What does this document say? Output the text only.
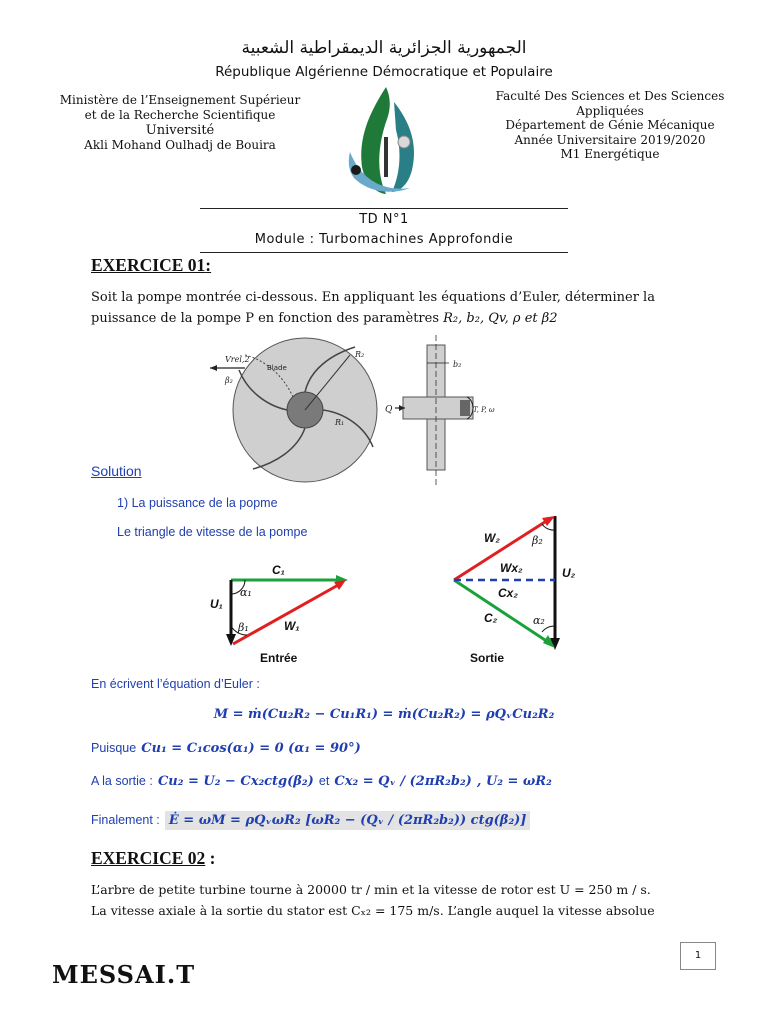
الجمهورية الجزائرية الديمقراطية الشعبية
République Algérienne Démocratique et Populaire
Ministère de l’Enseignement Supérieur
et de la Recherche Scientifique
Université
Akli Mohand Oulhadj de Bouira
Faculté Des Sciences et Des Sciences
Appliquées
Département de Génie Mécanique
Année Universitaire 2019/2020
M1 Energétique
TD N°1
Module : Turbomachines Approfondie
EXERCICE 01:
Soit la pompe montrée ci-dessous. En appliquant les équations d’Euler, déterminer la
puissance de la pompe P en fonction des paramètres R₂, b₂, Qv, ρ et β2
Vrel,2
Blade
β₂
R₂
R₁
Q	T, P, ω
b₂
Solution
1) La puissance de la popme
Le triangle de vitesse de la pompe
C₁
U₁
α₁
β₁	W₁
Entrée
W₂	β₂
U₂
Wx₂
Cx₂
C₂	α₂
Sortie
En écrivent l’équation d’Euler :
M = ṁ(Cu₂R₂ − Cu₁R₁) = ṁ(Cu₂R₂) = ρQᵥCu₂R₂
Puisque Cu₁ = C₁cos(α₁) = 0 (α₁ = 90°)
A la sortie : Cu₂ = U₂ − Cx₂ctg(β₂) et Cx₂ = Qᵥ / (2πR₂b₂) , U₂ = ωR₂
Finalement : Ė = ωM = ρQᵥωR₂ [ωR₂ − (Qᵥ / (2πR₂b₂)) ctg(β₂)]
EXERCICE 02 :
L’arbre de petite turbine tourne à 20000 tr / min et la vitesse de rotor est U = 250 m / s.
La vitesse axiale à la sortie du stator est Cₓ₂ = 175 m/s. L’angle auquel la vitesse absolue
1
MESSAI.T
